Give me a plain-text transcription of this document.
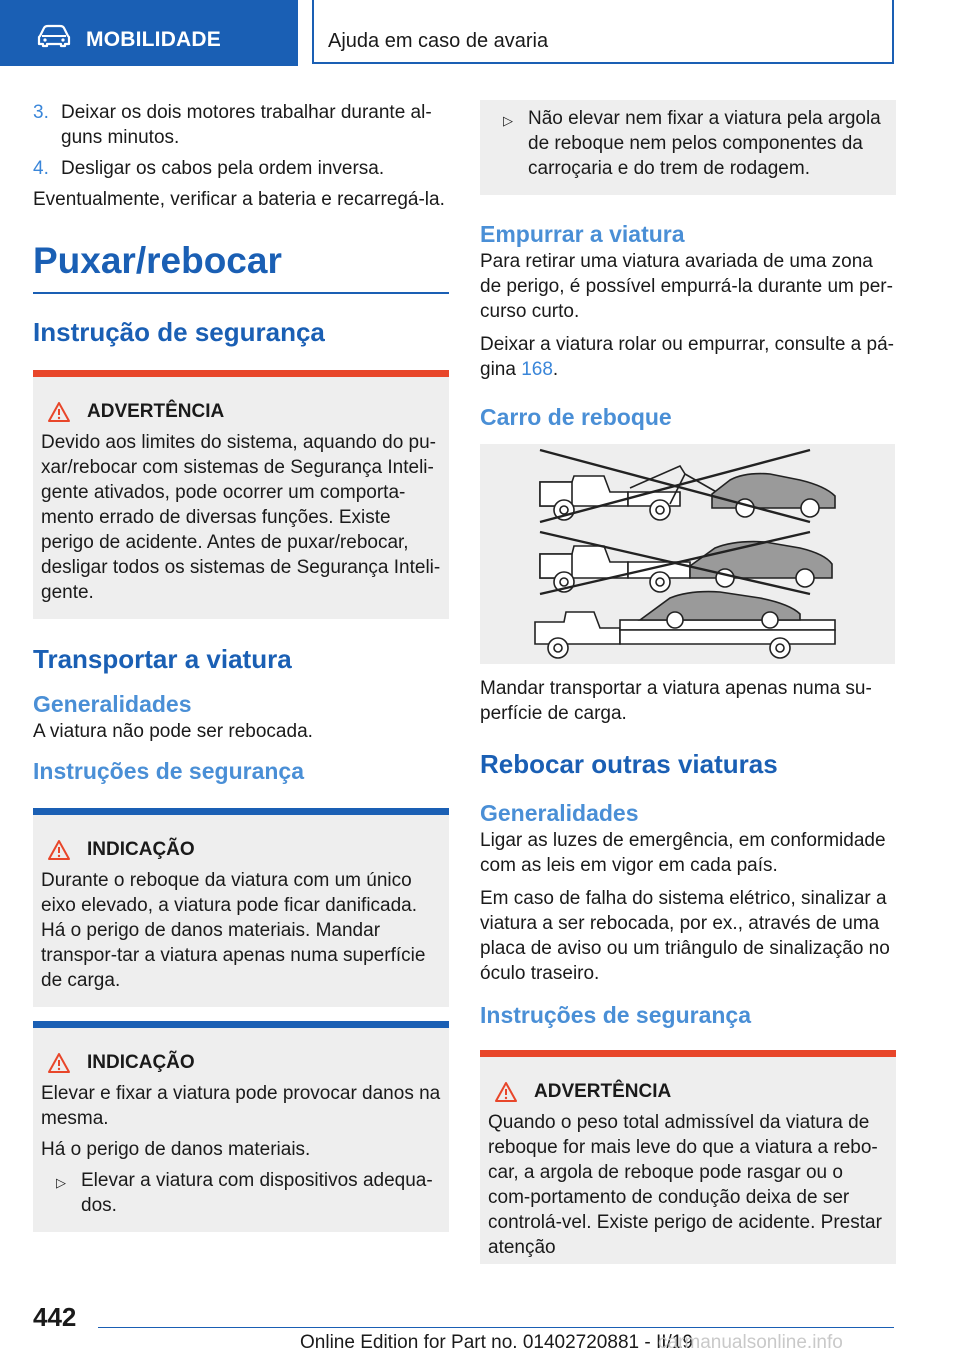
MOBILIDADE	Ajuda em caso de avaria
3. Deixar os dois motores trabalhar durante al-guns minutos.
4. Desligar os cabos pela ordem inversa.

Eventualmente, verificar a bateria e recarregá-la.

Puxar/rebocar
Instrução de segurança
ADVERTÊNCIA

Devido aos limites do sistema, aquando do pu-xar/rebocar com sistemas de Segurança Inteli-gente ativados, pode ocorrer um comporta-mento errado de diversas funções. Existe perigo de acidente. Antes de puxar/rebocar, desligar todos os sistemas de Segurança Inteli-gente.

Transportar a viatura
Generalidades

A viatura não pode ser rebocada.

Instruções de segurança
INDICAÇÃO

Durante o reboque da viatura com um único eixo elevado, a viatura pode ficar danificada. Há o perigo de danos materiais. Mandar transpor-tar a viatura apenas numa superfície de carga.

INDICAÇÃO

Elevar e fixar a viatura pode provocar danos na mesma.

Há o perigo de danos materiais.

▷ Elevar a viatura com dispositivos adequa-dos.
▷ Não elevar nem fixar a viatura pela argola de reboque nem pelos componentes da carroçaria e do trem de rodagem.
Empurrar a viatura

Para retirar uma viatura avariada de uma zona de perigo, é possível empurrá-la durante um per-curso curto.

Deixar a viatura rolar ou empurrar, consulte a pá-gina 168.

Carro de reboque

Mandar transportar a viatura apenas numa su-perfície de carga.

Rebocar outras viaturas
Generalidades

Ligar as luzes de emergência, em conformidade com as leis em vigor em cada país.

Em caso de falha do sistema elétrico, sinalizar a viatura a ser rebocada, por ex., através de uma placa de aviso ou um triângulo de sinalização no óculo traseiro.

Instruções de segurança
ADVERTÊNCIA

Quando o peso total admissível da viatura de reboque for mais leve do que a viatura a rebo-car, a argola de reboque pode rasgar ou o com-portamento de condução deixa de ser controlá-vel. Existe perigo de acidente. Prestar atenção

442
Online Edition for Part no. 01402720881 - II/19
carmanualsonline.info
